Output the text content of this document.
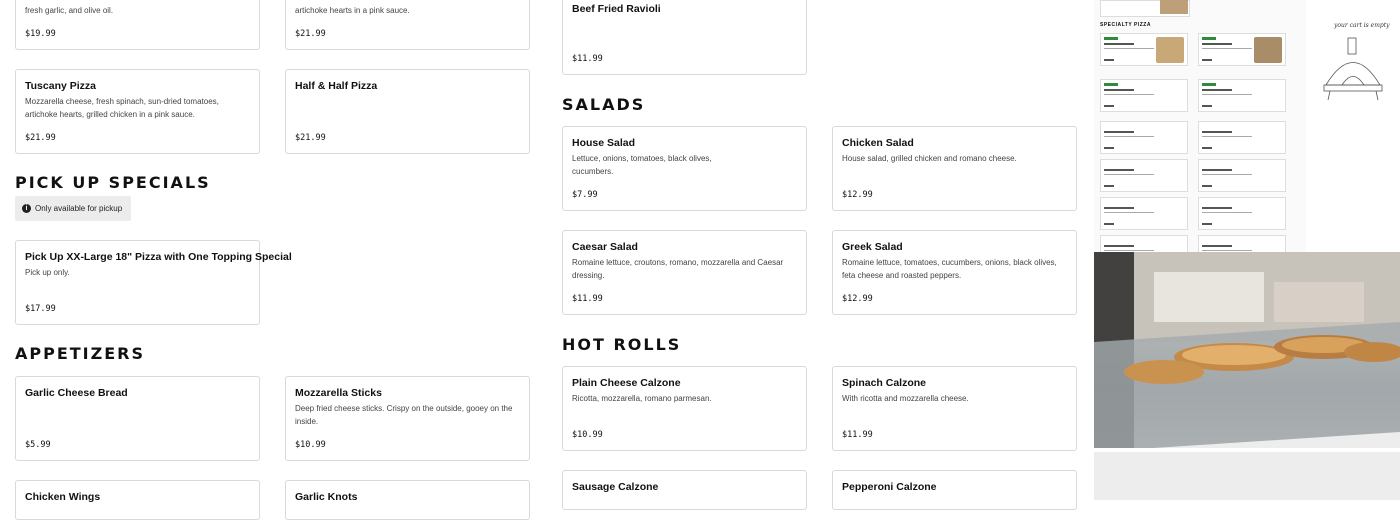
fresh garlic, and olive oil.
$19.99
artichoke hearts in a pink sauce.
$21.99
Beef Fried Ravioli
$11.99
Tuscany Pizza
Mozzarella cheese, fresh spinach, sun-dried tomatoes, artichoke hearts, grilled chicken in a pink sauce.
$21.99
Half & Half Pizza
$21.99
PICK UP SPECIALS
i Only available for pickup
Pick Up XX-Large 18" Pizza with One Topping Special
Pick up only.
$17.99
APPETIZERS
Garlic Cheese Bread
$5.99
Mozzarella Sticks
Deep fried cheese sticks. Crispy on the outside, gooey on the inside.
$10.99
Chicken Wings	Garlic Knots
SALADS
House Salad
Lettuce, onions, tomatoes, black olives, cucumbers.
$7.99
Chicken Salad
House salad, grilled chicken and romano cheese.
$12.99
Caesar Salad
Romaine lettuce, croutons, romano, mozzarella and Caesar dressing.
$11.99
Greek Salad
Romaine lettuce, tomatoes, cucumbers, onions, black olives, feta cheese and roasted peppers.
$12.99
HOT ROLLS
Plain Cheese Calzone
Ricotta, mozzarella, romano parmesan.
$10.99
Spinach Calzone
With ricotta and mozzarella cheese.
$11.99
Sausage Calzone	Pepperoni Calzone
SPECIALTY PIZZA	your cart is empty
